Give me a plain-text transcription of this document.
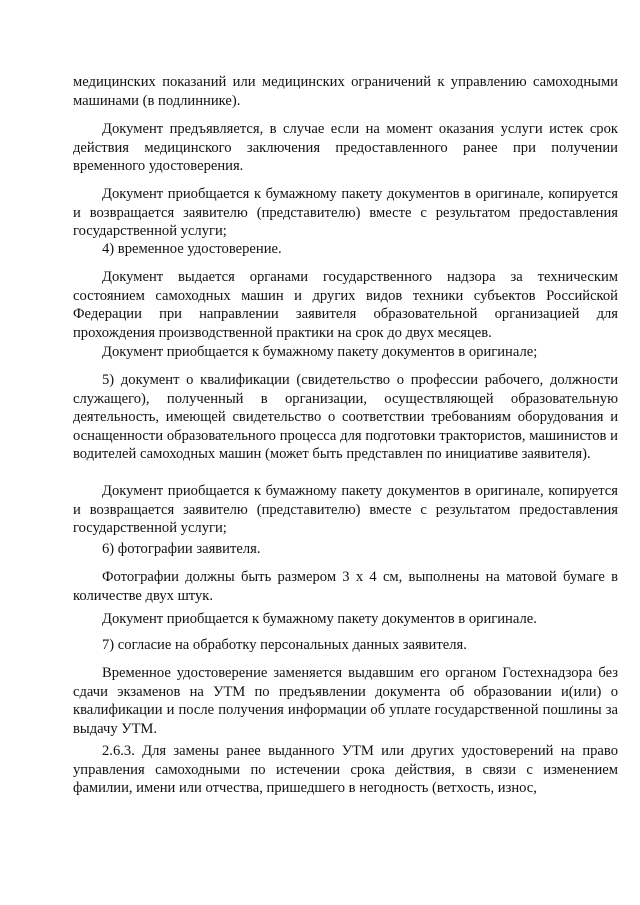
медицинских показаний или медицинских ограничений к управлению самоходными машинами (в подлиннике).

Документ предъявляется, в случае если на момент оказания услуги истек срок действия медицинского заключения предоставленного ранее при получении временного удостоверения.

Документ приобщается к бумажному пакету документов в оригинале, копируется и возвращается заявителю (представителю) вместе с результатом предоставления государственной услуги;

4) временное удостоверение.

Документ выдается органами государственного надзора за техническим состоянием самоходных машин и других видов техники субъектов Российской Федерации при направлении заявителя образовательной организацией для прохождения производственной практики на срок до двух месяцев.

Документ приобщается к бумажному пакету документов в оригинале;

5) документ о квалификации (свидетельство о профессии рабочего, должности служащего), полученный в организации, осуществляющей образовательную деятельность, имеющей свидетельство о соответствии требованиям оборудования и оснащенности образовательного процесса для подготовки трактористов, машинистов и водителей самоходных машин (может быть представлен по инициативе заявителя).

Документ приобщается к бумажному пакету документов в оригинале, копируется и возвращается заявителю (представителю) вместе с результатом предоставления государственной услуги;

6) фотографии заявителя.

Фотографии должны быть размером 3 х 4 см, выполнены на матовой бумаге в количестве двух штук.

Документ приобщается к бумажному пакету документов в оригинале.

7) согласие на обработку персональных данных заявителя.

Временное удостоверение заменяется выдавшим его органом Гостехнадзора без сдачи экзаменов на УТМ по предъявлении документа об образовании и(или) о квалификации и после получения информации об уплате государственной пошлины за выдачу УТМ.

2.6.3. Для замены ранее выданного УТМ или других удостоверений на право управления самоходными по истечении срока действия, в связи с изменением фамилии, имени или отчества, пришедшего в негодность (ветхость, износ,
